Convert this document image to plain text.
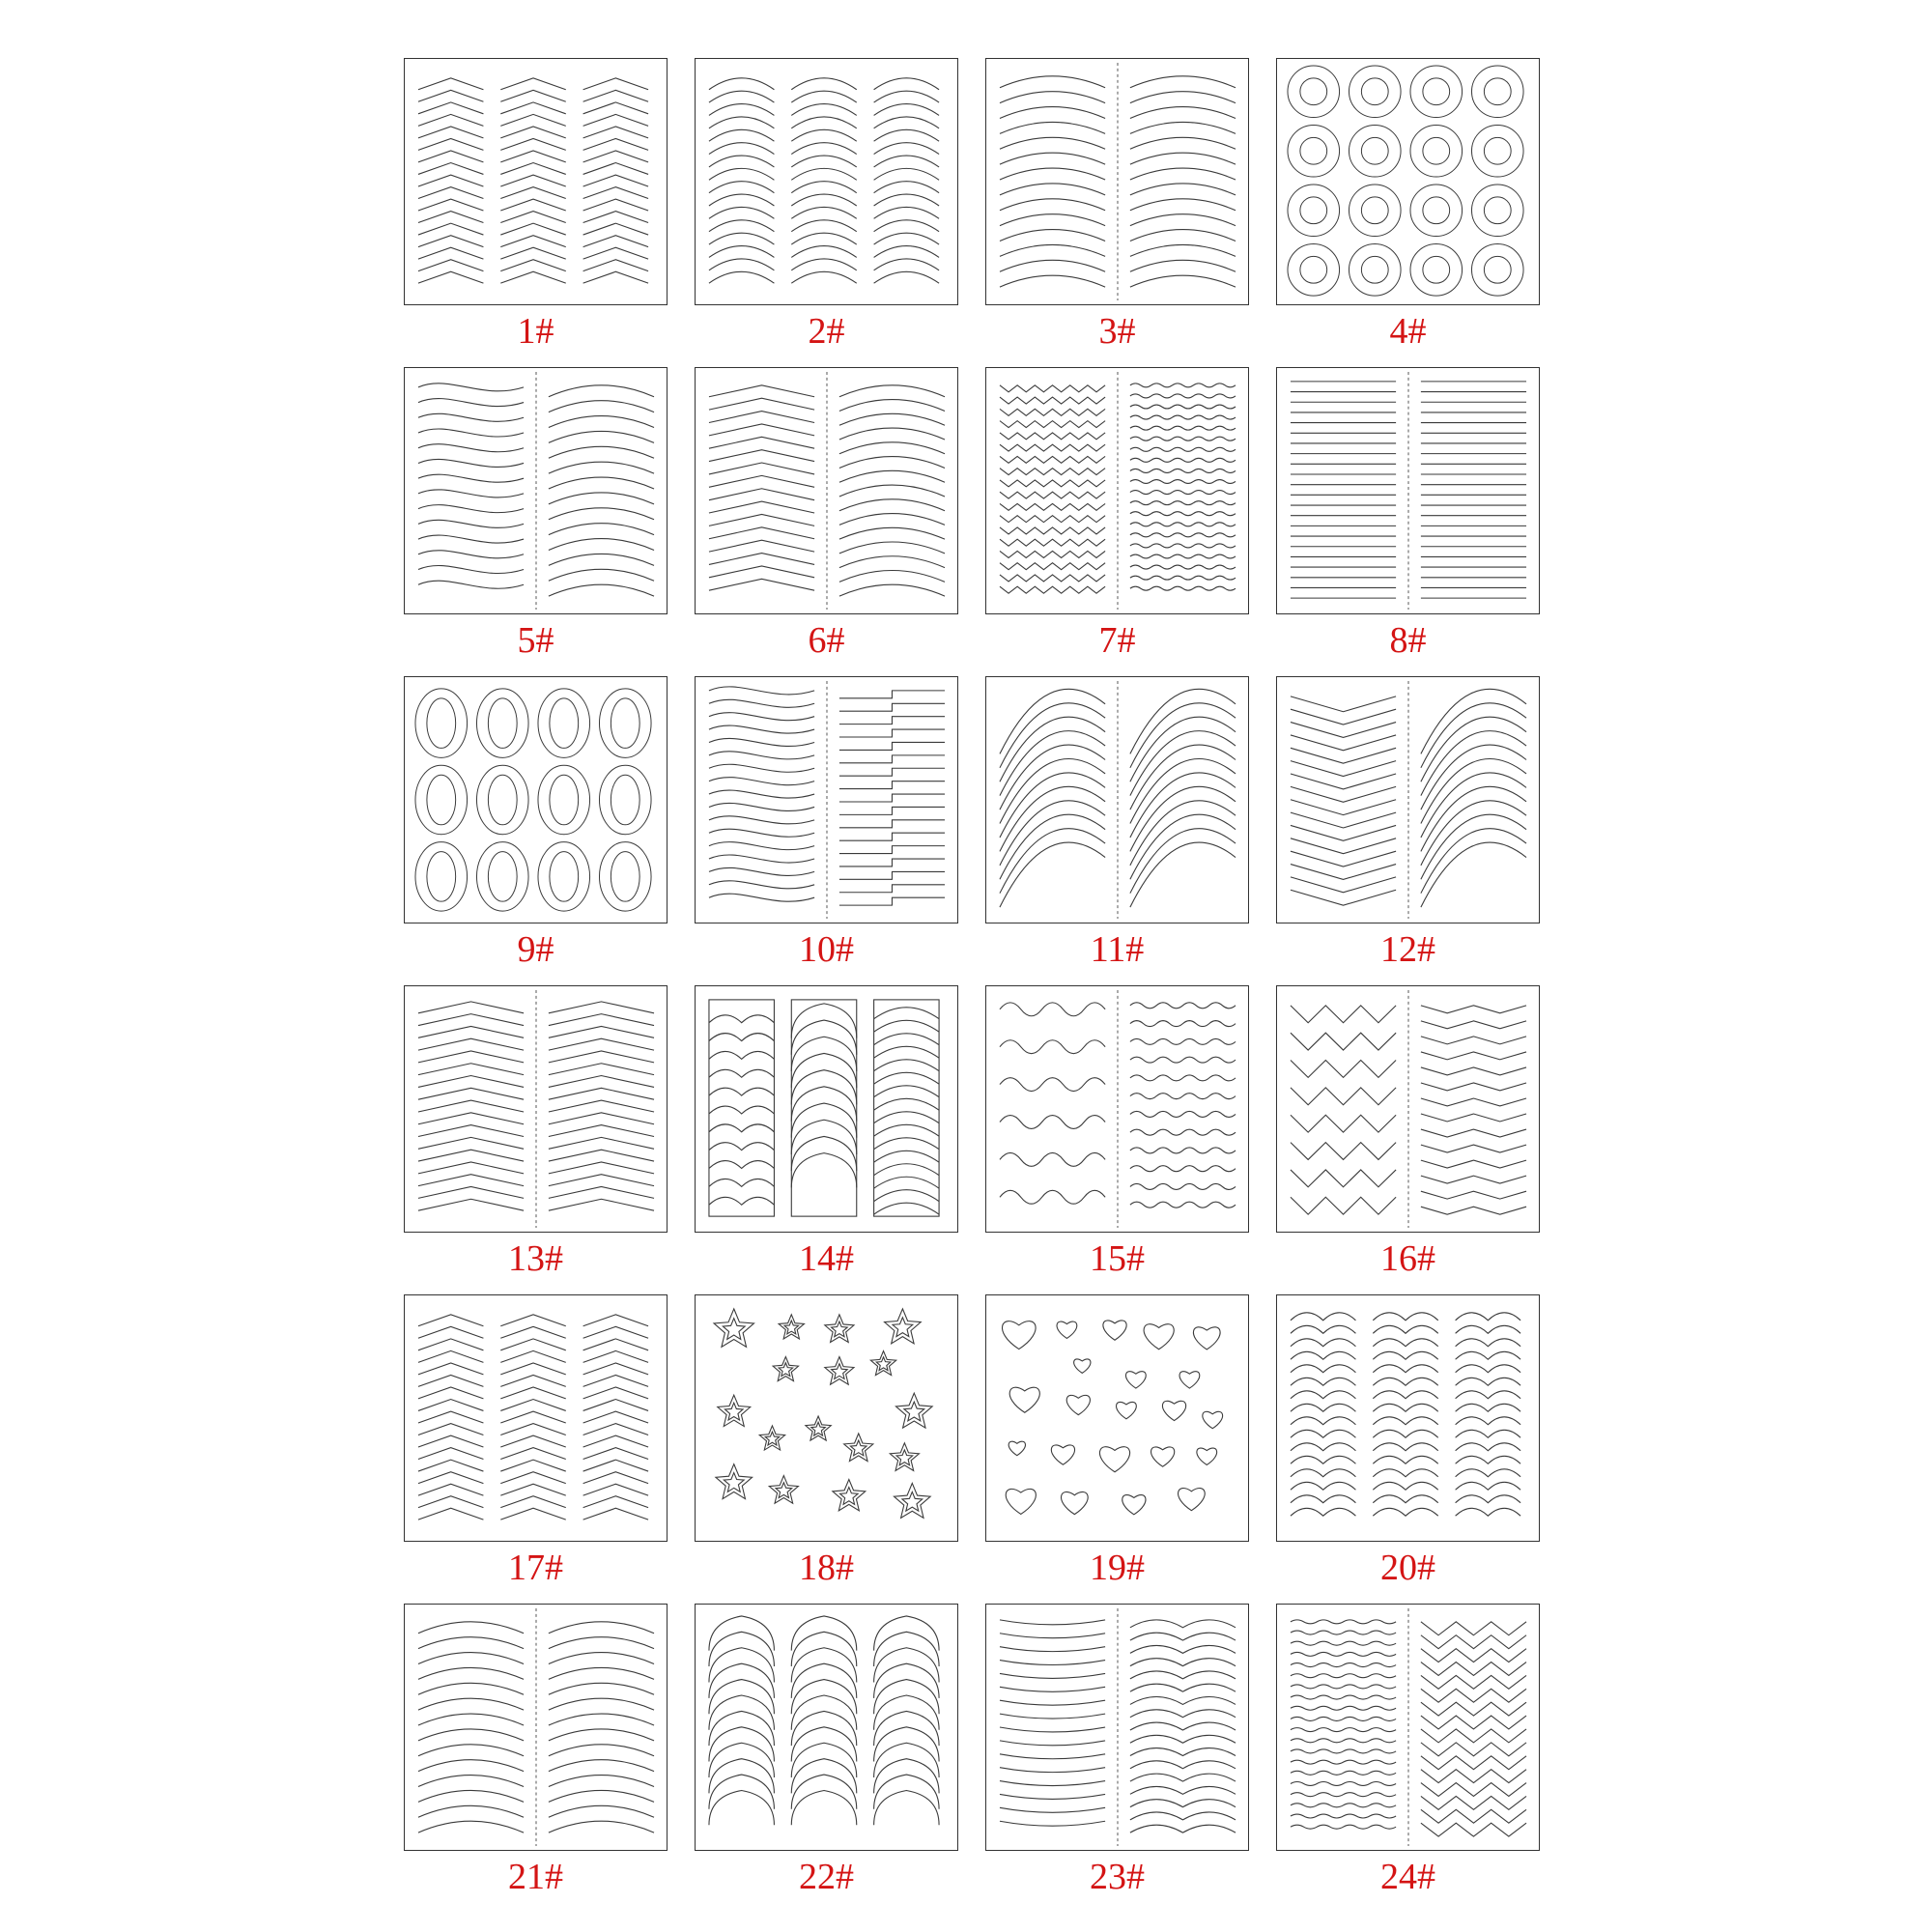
1#	2#	3#	4#
5#	6#	7#	8#
9#	10#	11#	12#
13#	14#	15#	16#
17#	18#	19#	20#
21#	22#	23#	24#
